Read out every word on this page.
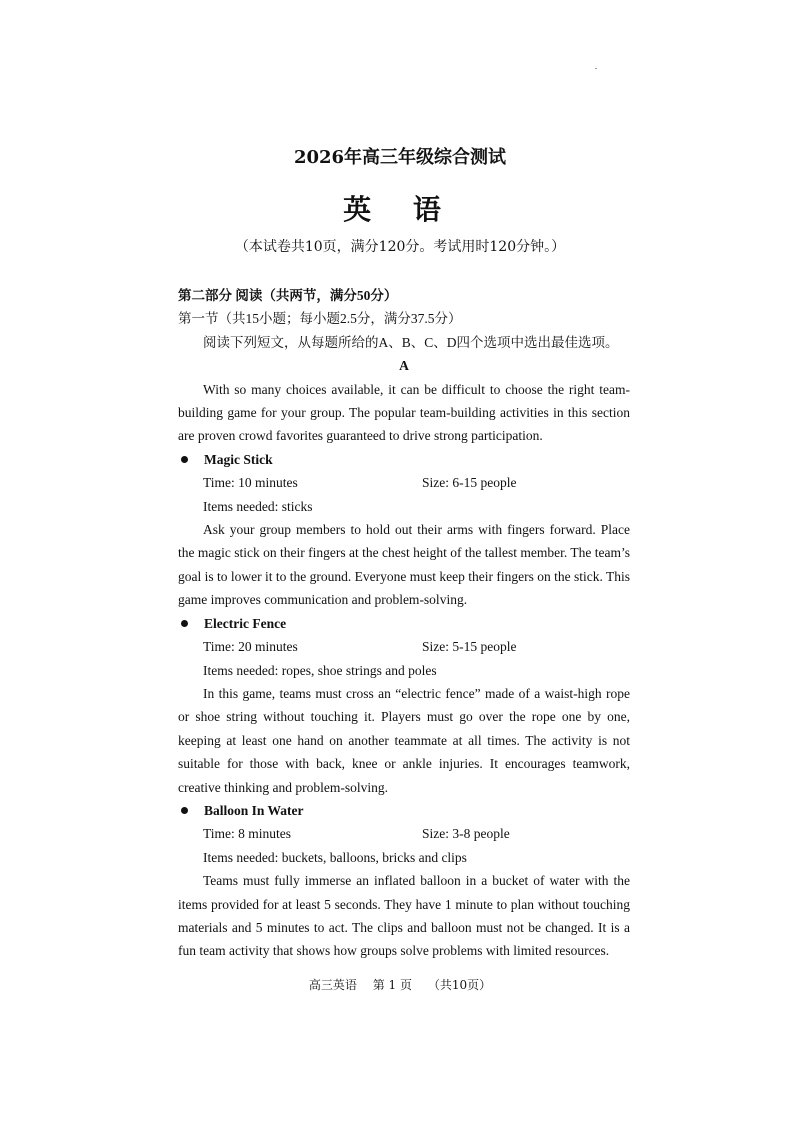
2026年高三年级综合测试
英 语
（本试卷共10页，满分120分。考试用时120分钟。）
第二部分 阅读（共两节，满分50分）
第一节（共15小题；每小题2.5分，满分37.5分）
阅读下列短文，从每题所给的A、B、C、D四个选项中选出最佳选项。
A
With so many choices available, it can be difficult to choose the right team-building game for your group. The popular team-building activities in this section are proven crowd favorites guaranteed to drive strong participation.
Magic Stick
Time: 10 minutes	Size: 6-15 people
Items needed: sticks
Ask your group members to hold out their arms with fingers forward. Place the magic stick on their fingers at the chest height of the tallest member. The team’s goal is to lower it to the ground. Everyone must keep their fingers on the stick. This game improves communication and problem-solving.
Electric Fence
Time: 20 minutes	Size: 5-15 people
Items needed: ropes, shoe strings and poles
In this game, teams must cross an “electric fence” made of a waist-high rope or shoe string without touching it. Players must go over the rope one by one, keeping at least one hand on another teammate at all times. The activity is not suitable for those with back, knee or ankle injuries. It encourages teamwork, creative thinking and problem-solving.
Balloon In Water
Time: 8 minutes	Size: 3-8 people
Items needed: buckets, balloons, bricks and clips
Teams must fully immerse an inflated balloon in a bucket of water with the items provided for at least 5 seconds. They have 1 minute to plan without touching materials and 5 minutes to act. The clips and balloon must not be changed. It is a fun team activity that shows how groups solve problems with limited resources.
高三英语 第 1 页 （共10页）
